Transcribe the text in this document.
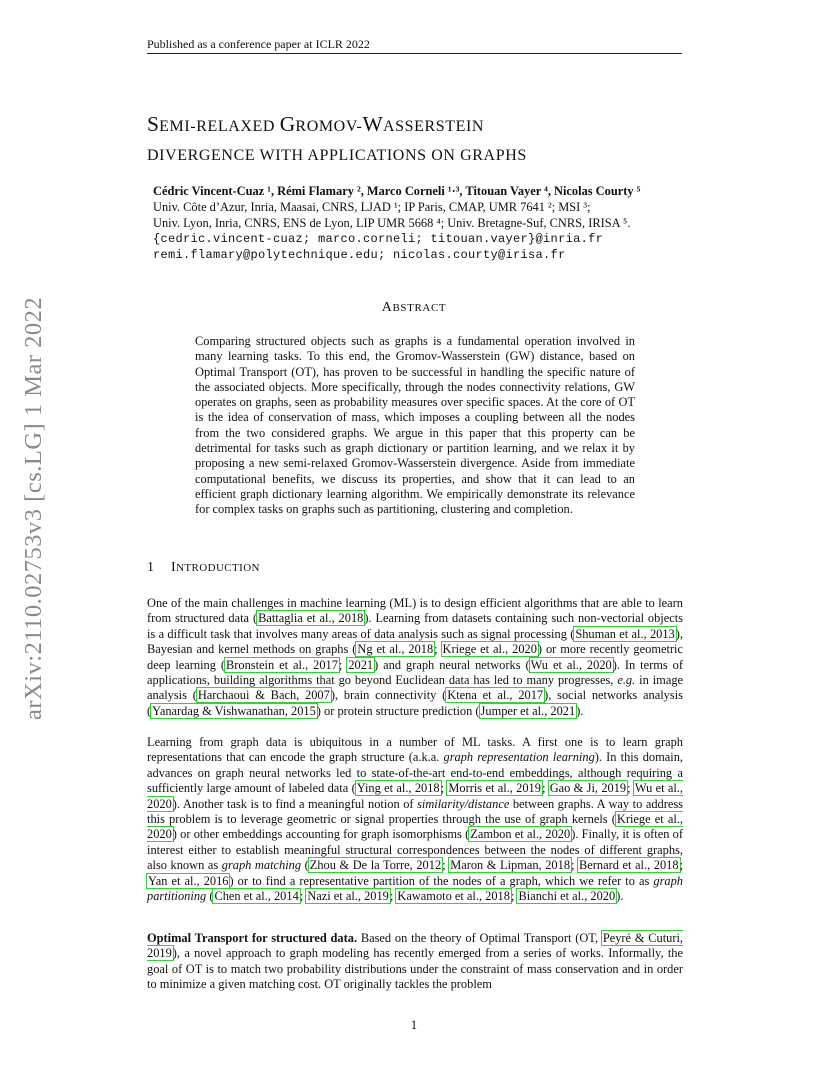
Published as a conference paper at ICLR 2022
arXiv:2110.02753v3 [cs.LG] 1 Mar 2022
SEMI-RELAXED GROMOV-WASSERSTEIN
DIVERGENCE WITH APPLICATIONS ON GRAPHS
Cédric Vincent-Cuaz ¹, Rémi Flamary ², Marco Corneli ¹·³, Titouan Vayer ⁴, Nicolas Courty ⁵
Univ. Côte d’Azur, Inria, Maasai, CNRS, LJAD ¹; IP Paris, CMAP, UMR 7641 ²; MSI ³;
Univ. Lyon, Inria, CNRS, ENS de Lyon, LIP UMR 5668 ⁴; Univ. Bretagne-Suf, CNRS, IRISA ⁵.
{cedric.vincent-cuaz; marco.corneli; titouan.vayer}@inria.fr
remi.flamary@polytechnique.edu; nicolas.courty@irisa.fr
ABSTRACT
Comparing structured objects such as graphs is a fundamental operation involved in many learning tasks. To this end, the Gromov-Wasserstein (GW) distance, based on Optimal Transport (OT), has proven to be successful in handling the specific nature of the associated objects. More specifically, through the nodes connectivity relations, GW operates on graphs, seen as probability measures over specific spaces. At the core of OT is the idea of conservation of mass, which imposes a coupling between all the nodes from the two considered graphs. We argue in this paper that this property can be detrimental for tasks such as graph dictionary or partition learning, and we relax it by proposing a new semi-relaxed Gromov-Wasserstein divergence. Aside from immediate computational benefits, we discuss its properties, and show that it can lead to an efficient graph dictionary learning algorithm. We empirically demonstrate its relevance for complex tasks on graphs such as partitioning, clustering and completion.
1 INTRODUCTION
One of the main challenges in machine learning (ML) is to design efficient algorithms that are able to learn from structured data (Battaglia et al., 2018). Learning from datasets containing such non-vectorial objects is a difficult task that involves many areas of data analysis such as signal processing (Shuman et al., 2013), Bayesian and kernel methods on graphs (Ng et al., 2018; Kriege et al., 2020) or more recently geometric deep learning (Bronstein et al., 2017; 2021) and graph neural networks (Wu et al., 2020). In terms of applications, building algorithms that go beyond Euclidean data has led to many progresses, e.g. in image analysis (Harchaoui & Bach, 2007), brain connectivity (Ktena et al., 2017), social networks analysis (Yanardag & Vishwanathan, 2015) or protein structure prediction (Jumper et al., 2021).
Learning from graph data is ubiquitous in a number of ML tasks. A first one is to learn graph representations that can encode the graph structure (a.k.a. graph representation learning). In this domain, advances on graph neural networks led to state-of-the-art end-to-end embeddings, although requiring a sufficiently large amount of labeled data (Ying et al., 2018; Morris et al., 2019; Gao & Ji, 2019; Wu et al., 2020). Another task is to find a meaningful notion of similarity/distance between graphs. A way to address this problem is to leverage geometric or signal properties through the use of graph kernels (Kriege et al., 2020) or other embeddings accounting for graph isomorphisms (Zambon et al., 2020). Finally, it is often of interest either to establish meaningful structural correspondences between the nodes of different graphs, also known as graph matching (Zhou & De la Torre, 2012; Maron & Lipman, 2018; Bernard et al., 2018; Yan et al., 2016) or to find a representative partition of the nodes of a graph, which we refer to as graph partitioning (Chen et al., 2014; Nazi et al., 2019; Kawamoto et al., 2018; Bianchi et al., 2020).
Optimal Transport for structured data. Based on the theory of Optimal Transport (OT, Peyré & Cuturi, 2019), a novel approach to graph modeling has recently emerged from a series of works. Informally, the goal of OT is to match two probability distributions under the constraint of mass conservation and in order to minimize a given matching cost. OT originally tackles the problem
1
